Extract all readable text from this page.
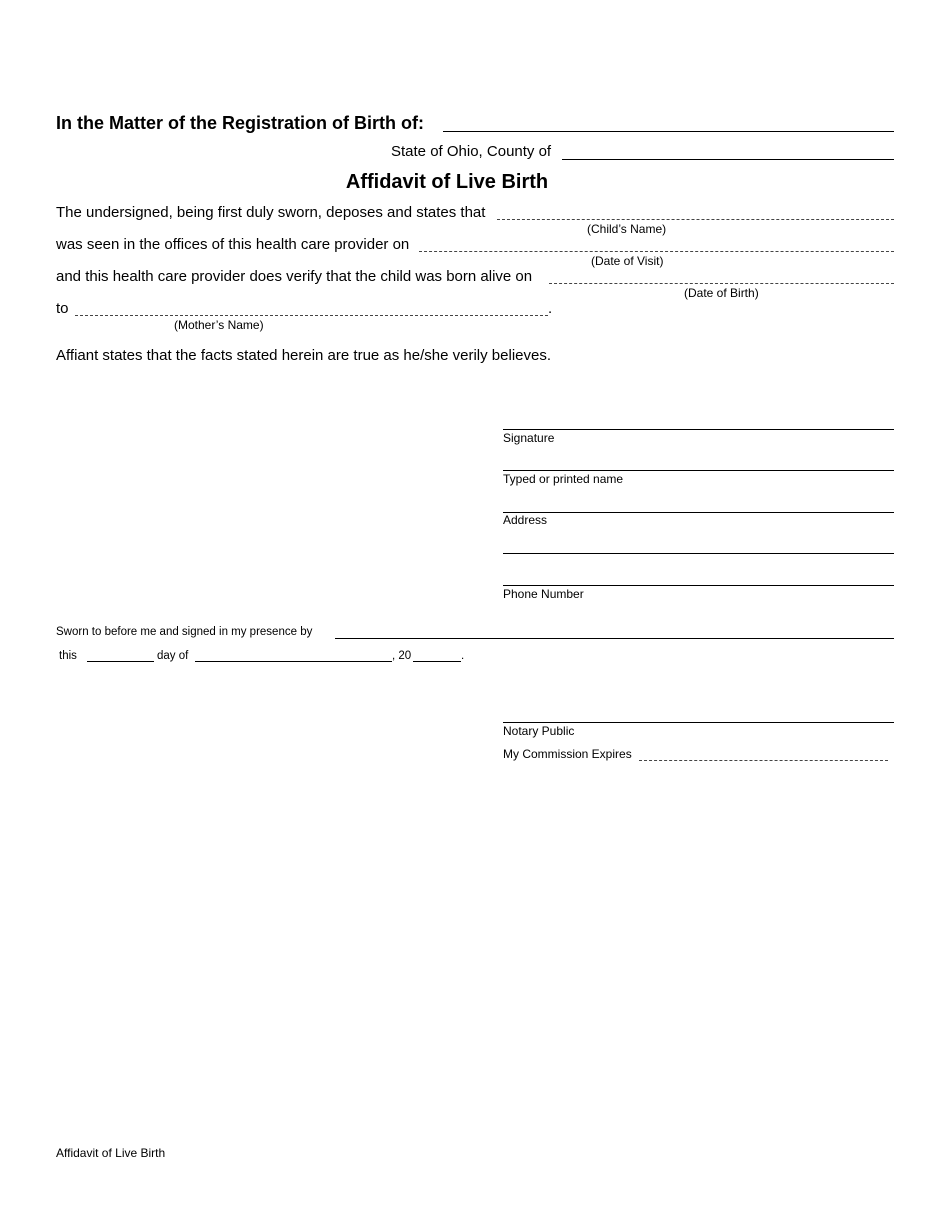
In the Matter of the Registration of Birth of:
State of Ohio, County of
Affidavit of Live Birth
The undersigned, being first duly sworn, deposes and states that
(Child’s Name)
was seen in the offices of this health care provider on
(Date of Visit)
and this health care provider does verify that the child was born alive on
(Date of Birth)
to	.
(Mother’s Name)
Affiant states that the facts stated herein are true as he/she verily believes.
Signature
Typed or printed name
Address
Phone Number
Sworn to before me and signed in my presence by
this	day of	, 20	.
Notary Public
My Commission Expires
Affidavit of Live Birth
